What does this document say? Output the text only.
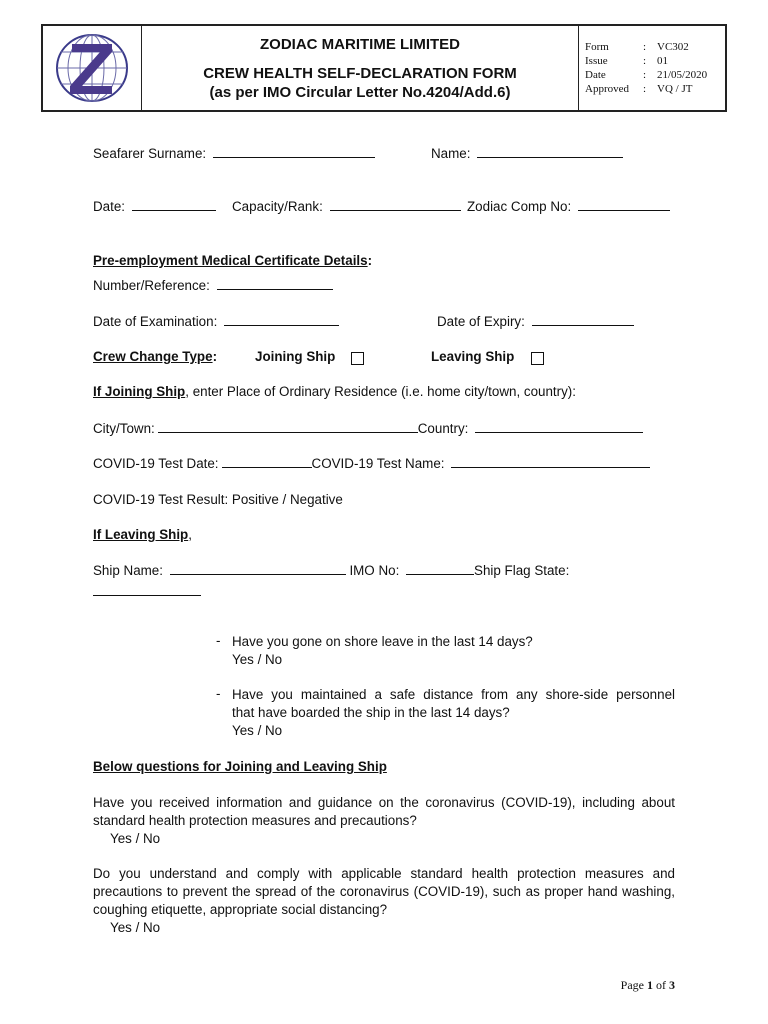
ZODIAC MARITIME LIMITED
CREW HEALTH SELF-DECLARATION FORM
(as per IMO Circular Letter No.4204/Add.6)
Form	: VC302
Issue	: 01
Date	: 21/05/2020
Approved	: VQ / JT
Seafarer Surname:	Name:
Date:	Capacity/Rank:	Zodiac Comp No:
Pre-employment Medical Certificate Details:
Number/Reference:
Date of Examination:	Date of Expiry:
Crew Change Type:	Joining Ship	Leaving Ship
If Joining Ship, enter Place of Ordinary Residence (i.e. home city/town, country):
City/Town:	Country:
COVID-19 Test Date:	COVID-19 Test Name:
COVID-19 Test Result: Positive / Negative
If Leaving Ship,
Ship Name:	IMO No:	Ship Flag State:
- Have you gone on shore leave in the last 14 days?
Yes / No
- Have you maintained a safe distance from any shore-side personnel
that have boarded the ship in the last 14 days?
Yes / No
Below questions for Joining and Leaving Ship
Have you received information and guidance on the coronavirus (COVID-19), including about standard health protection measures and precautions?
Yes / No
Do you understand and comply with applicable standard health protection measures and precautions to prevent the spread of the coronavirus (COVID-19), such as proper hand washing, coughing etiquette, appropriate social distancing?
Yes / No
Page 1 of 3
